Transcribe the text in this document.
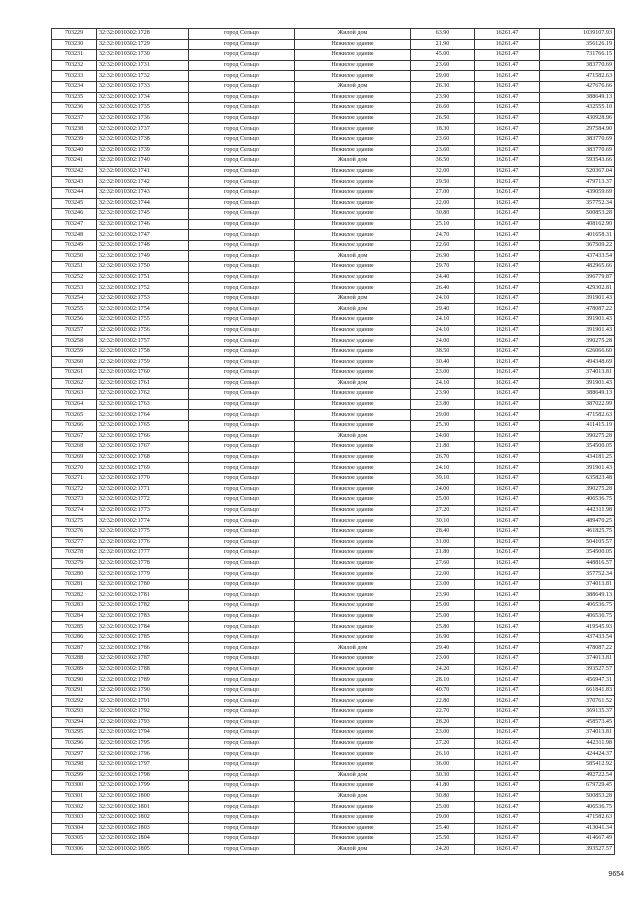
703229	32:32:0010302:1728	город Сельцо	Жилой дом	63.90	16261.47	1039107.93
703230	32:32:0010302:1729	город Сельцо	Нежилое здание	21.90	16261.47	356126.19
703231	32:32:0010302:1730	город Сельцо	Нежилое здание	45.00	16261.47	731766.15
703232	32:32:0010302:1731	город Сельцо	Нежилое здание	23.60	16261.47	383770.69
703233	32:32:0010302:1732	город Сельцо	Нежилое здание	29.00	16261.47	471582.63
703234	32:32:0010302:1733	город Сельцо	Жилой дом	26.30	16261.47	427676.66
703235	32:32:0010302:1734	город Сельцо	Нежилое здание	23.90	16261.47	388649.13
703236	32:32:0010302:1735	город Сельцо	Нежилое здание	26.60	16261.47	432555.10
703237	32:32:0010302:1736	город Сельцо	Нежилое здание	26.50	16261.47	430928.96
703238	32:32:0010302:1737	город Сельцо	Нежилое здание	18.30	16261.47	297584.90
703239	32:32:0010302:1738	город Сельцо	Нежилое здание	23.60	16261.47	383770.69
703240	32:32:0010302:1739	город Сельцо	Нежилое здание	23.60	16261.47	383770.69
703241	32:32:0010302:1740	город Сельцо	Жилой дом	36.50	16261.47	593543.66
703242	32:32:0010302:1741	город Сельцо	Нежилое здание	32.00	16261.47	520367.04
703243	32:32:0010302:1742	город Сельцо	Нежилое здание	29.50	16261.47	479713.37
703244	32:32:0010302:1743	город Сельцо	Нежилое здание	27.00	16261.47	439059.69
703245	32:32:0010302:1744	город Сельцо	Нежилое здание	22.00	16261.47	357752.34
703246	32:32:0010302:1745	город Сельцо	Нежилое здание	30.80	16261.47	500853.28
703247	32:32:0010302:1746	город Сельцо	Нежилое здание	25.10	16261.47	408162.90
703248	32:32:0010302:1747	город Сельцо	Нежилое здание	24.70	16261.47	401658.31
703249	32:32:0010302:1748	город Сельцо	Нежилое здание	22.60	16261.47	367509.22
703250	32:32:0010302:1749	город Сельцо	Жилой дом	26.90	16261.47	437433.54
703251	32:32:0010302:1750	город Сельцо	Нежилое здание	29.70	16261.47	482965.66
703252	32:32:0010302:1751	город Сельцо	Нежилое здание	24.40	16261.47	396779.87
703253	32:32:0010302:1752	город Сельцо	Нежилое здание	26.40	16261.47	429302.81
703254	32:32:0010302:1753	город Сельцо	Жилой дом	24.10	16261.47	391901.43
703255	32:32:0010302:1754	город Сельцо	Жилой дом	29.40	16261.47	478087.22
703256	32:32:0010302:1755	город Сельцо	Нежилое здание	24.10	16261.47	391901.43
703257	32:32:0010302:1756	город Сельцо	Нежилое здание	24.10	16261.47	391901.43
703258	32:32:0010302:1757	город Сельцо	Нежилое здание	24.00	16261.47	390275.28
703259	32:32:0010302:1758	город Сельцо	Нежилое здание	38.50	16261.47	626066.60
703260	32:32:0010302:1759	город Сельцо	Нежилое здание	30.40	16261.47	494348.69
703261	32:32:0010302:1760	город Сельцо	Нежилое здание	23.00	16261.47	374013.81
703262	32:32:0010302:1761	город Сельцо	Жилой дом	24.10	16261.47	391901.43
703263	32:32:0010302:1762	город Сельцо	Нежилое здание	23.90	16261.47	388649.13
703264	32:32:0010302:1763	город Сельцо	Нежилое здание	23.80	16261.47	387022.99
703265	32:32:0010302:1764	город Сельцо	Нежилое здание	29.00	16261.47	471582.63
703266	32:32:0010302:1765	город Сельцо	Нежилое здание	25.30	16261.47	411415.19
703267	32:32:0010302:1766	город Сельцо	Жилой дом	24.00	16261.47	390275.28
703268	32:32:0010302:1767	город Сельцо	Нежилое здание	21.80	16261.47	354500.05
703269	32:32:0010302:1768	город Сельцо	Нежилое здание	26.70	16261.47	434181.25
703270	32:32:0010302:1769	город Сельцо	Нежилое здание	24.10	16261.47	391901.43
703271	32:32:0010302:1770	город Сельцо	Нежилое здание	39.10	16261.47	635823.48
703272	32:32:0010302:1771	город Сельцо	Нежилое здание	24.00	16261.47	390275.28
703273	32:32:0010302:1772	город Сельцо	Нежилое здание	25.00	16261.47	406536.75
703274	32:32:0010302:1773	город Сельцо	Нежилое здание	27.20	16261.47	442311.98
703275	32:32:0010302:1774	город Сельцо	Нежилое здание	30.10	16261.47	489470.25
703276	32:32:0010302:1775	город Сельцо	Нежилое здание	28.40	16261.47	461825.75
703277	32:32:0010302:1776	город Сельцо	Нежилое здание	31.00	16261.47	504105.57
703278	32:32:0010302:1777	город Сельцо	Нежилое здание	21.80	16261.47	354500.05
703279	32:32:0010302:1778	город Сельцо	Нежилое здание	27.60	16261.47	448816.57
703280	32:32:0010302:1779	город Сельцо	Нежилое здание	22.00	16261.47	357752.34
703281	32:32:0010302:1780	город Сельцо	Нежилое здание	23.00	16261.47	374013.81
703282	32:32:0010302:1781	город Сельцо	Нежилое здание	23.90	16261.47	388649.13
703283	32:32:0010302:1782	город Сельцо	Нежилое здание	25.00	16261.47	406536.75
703284	32:32:0010302:1783	город Сельцо	Нежилое здание	25.00	16261.47	406536.75
703285	32:32:0010302:1784	город Сельцо	Нежилое здание	25.80	16261.47	419545.93
703286	32:32:0010302:1785	город Сельцо	Нежилое здание	26.90	16261.47	437433.54
703287	32:32:0010302:1786	город Сельцо	Жилой дом	29.40	16261.47	478087.22
703288	32:32:0010302:1787	город Сельцо	Нежилое здание	23.00	16261.47	374013.81
703289	32:32:0010302:1788	город Сельцо	Нежилое здание	24.20	16261.47	393527.57
703290	32:32:0010302:1789	город Сельцо	Нежилое здание	28.10	16261.47	456947.31
703291	32:32:0010302:1790	город Сельцо	Нежилое здание	40.70	16261.47	661841.83
703292	32:32:0010302:1791	город Сельцо	Нежилое здание	22.80	16261.47	370761.52
703293	32:32:0010302:1792	город Сельцо	Нежилое здание	22.70	16261.47	369135.37
703294	32:32:0010302:1793	город Сельцо	Нежилое здание	28.20	16261.47	458573.45
703295	32:32:0010302:1794	город Сельцо	Нежилое здание	23.00	16261.47	374013.81
703296	32:32:0010302:1795	город Сельцо	Нежилое здание	27.20	16261.47	442311.98
703297	32:32:0010302:1796	город Сельцо	Нежилое здание	26.10	16261.47	424424.37
703298	32:32:0010302:1797	город Сельцо	Нежилое здание	36.00	16261.47	585412.92
703299	32:32:0010302:1798	город Сельцо	Жилой дом	30.30	16261.47	492722.54
703300	32:32:0010302:1799	город Сельцо	Нежилое здание	41.80	16261.47	679729.45
703301	32:32:0010302:1800	город Сельцо	Жилой дом	30.80	16261.47	500853.28
703302	32:32:0010302:1801	город Сельцо	Нежилое здание	25.00	16261.47	406536.75
703303	32:32:0010302:1802	город Сельцо	Нежилое здание	29.00	16261.47	471582.63
703304	32:32:0010302:1803	город Сельцо	Нежилое здание	25.40	16261.47	413041.34
703305	32:32:0010302:1804	город Сельцо	Нежилое здание	25.50	16261.47	414667.49
703306	32:32:0010302:1805	город Сельцо	Жилой дом	24.20	16261.47	393527.57
9654
